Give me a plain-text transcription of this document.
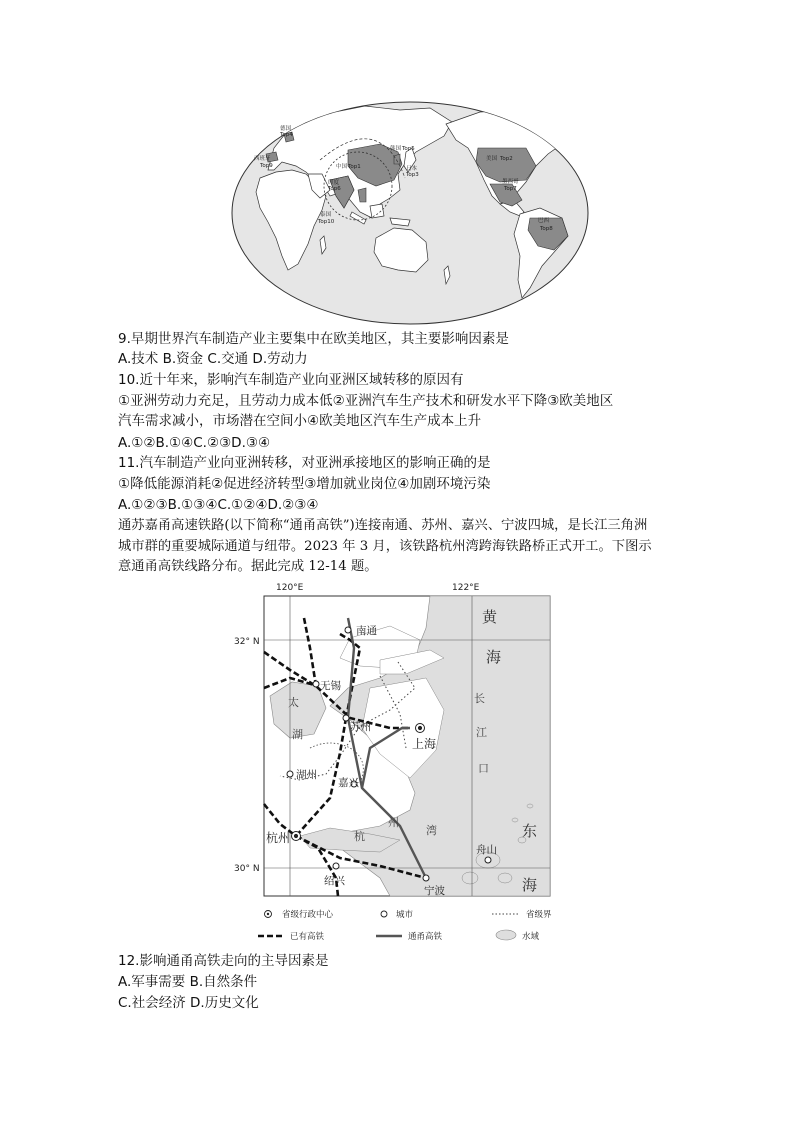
德国
Top4
西班牙
Top9	中国 Top1
印度
Top6
韩国 Top5
日本
Top3
泰国
Top10
美国 Top2
墨西哥
Top7
巴西
Top8
9.早期世界汽车制造产业主要集中在欧美地区，其主要影响因素是
A.技术 B.资金 C.交通 D.劳动力
10.近十年来，影响汽车制造产业向亚洲区域转移的原因有
①亚洲劳动力充足，且劳动力成本低②亚洲汽车生产技术和研发水平下降③欧美地区
汽车需求减小，市场潜在空间小④欧美地区汽车生产成本上升
A.①②B.①④C.②③D.③④
11.汽车制造产业向亚洲转移，对亚洲承接地区的影响正确的是
①降低能源消耗②促进经济转型③增加就业岗位④加剧环境污染
A.①②③B.①③④C.①②④D.②③④
通苏嘉甬高速铁路(以下简称“通甬高铁”)连接南通、苏州、嘉兴、宁波四城，是长江三角洲
城市群的重要城际通道与纽带。2023 年 3 月，该铁路杭州湾跨海铁路桥正式开工。下图示
意通甬高铁线路分布。据此完成 12-14 题。
120°E	122°E
32° N
30° N
南通
无锡
苏州
上海
湖州
嘉兴
杭州
绍兴
宁波
舟山
黄
海
东
海
长
江
口
太
湖
杭
州
湾
省级行政中心	城市	省级界
已有高铁	通甬高铁	水域
12.影响通甬高铁走向的主导因素是
A.军事需要 B.自然条件
C.社会经济 D.历史文化
